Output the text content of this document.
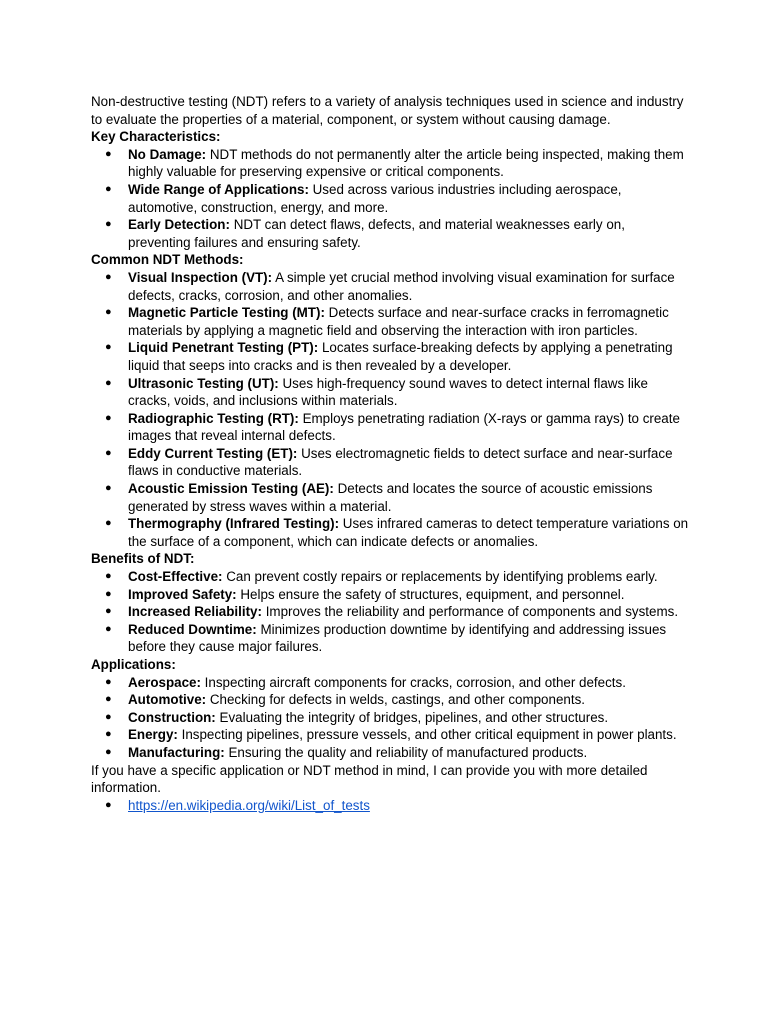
Non-destructive testing (NDT) refers to a variety of analysis techniques used in science and industry to evaluate the properties of a material, component, or system without causing damage.

Key Characteristics:

● No Damage: NDT methods do not permanently alter the article being inspected, making them highly valuable for preserving expensive or critical components.
● Wide Range of Applications: Used across various industries including aerospace, automotive, construction, energy, and more.
● Early Detection: NDT can detect flaws, defects, and material weaknesses early on, preventing failures and ensuring safety.

Common NDT Methods:

● Visual Inspection (VT): A simple yet crucial method involving visual examination for surface defects, cracks, corrosion, and other anomalies.
● Magnetic Particle Testing (MT): Detects surface and near-surface cracks in ferromagnetic materials by applying a magnetic field and observing the interaction with iron particles.
● Liquid Penetrant Testing (PT): Locates surface-breaking defects by applying a penetrating liquid that seeps into cracks and is then revealed by a developer.
● Ultrasonic Testing (UT): Uses high-frequency sound waves to detect internal flaws like cracks, voids, and inclusions within materials.
● Radiographic Testing (RT): Employs penetrating radiation (X-rays or gamma rays) to create images that reveal internal defects.
● Eddy Current Testing (ET): Uses electromagnetic fields to detect surface and near-surface flaws in conductive materials.
● Acoustic Emission Testing (AE): Detects and locates the source of acoustic emissions generated by stress waves within a material.
● Thermography (Infrared Testing): Uses infrared cameras to detect temperature variations on the surface of a component, which can indicate defects or anomalies.

Benefits of NDT:

● Cost-Effective: Can prevent costly repairs or replacements by identifying problems early.
● Improved Safety: Helps ensure the safety of structures, equipment, and personnel.
● Increased Reliability: Improves the reliability and performance of components and systems.
● Reduced Downtime: Minimizes production downtime by identifying and addressing issues before they cause major failures.

Applications:

● Aerospace: Inspecting aircraft components for cracks, corrosion, and other defects.
● Automotive: Checking for defects in welds, castings, and other components.
● Construction: Evaluating the integrity of bridges, pipelines, and other structures.
● Energy: Inspecting pipelines, pressure vessels, and other critical equipment in power plants.
● Manufacturing: Ensuring the quality and reliability of manufactured products.

If you have a specific application or NDT method in mind, I can provide you with more detailed information.

● https://en.wikipedia.org/wiki/List_of_tests
